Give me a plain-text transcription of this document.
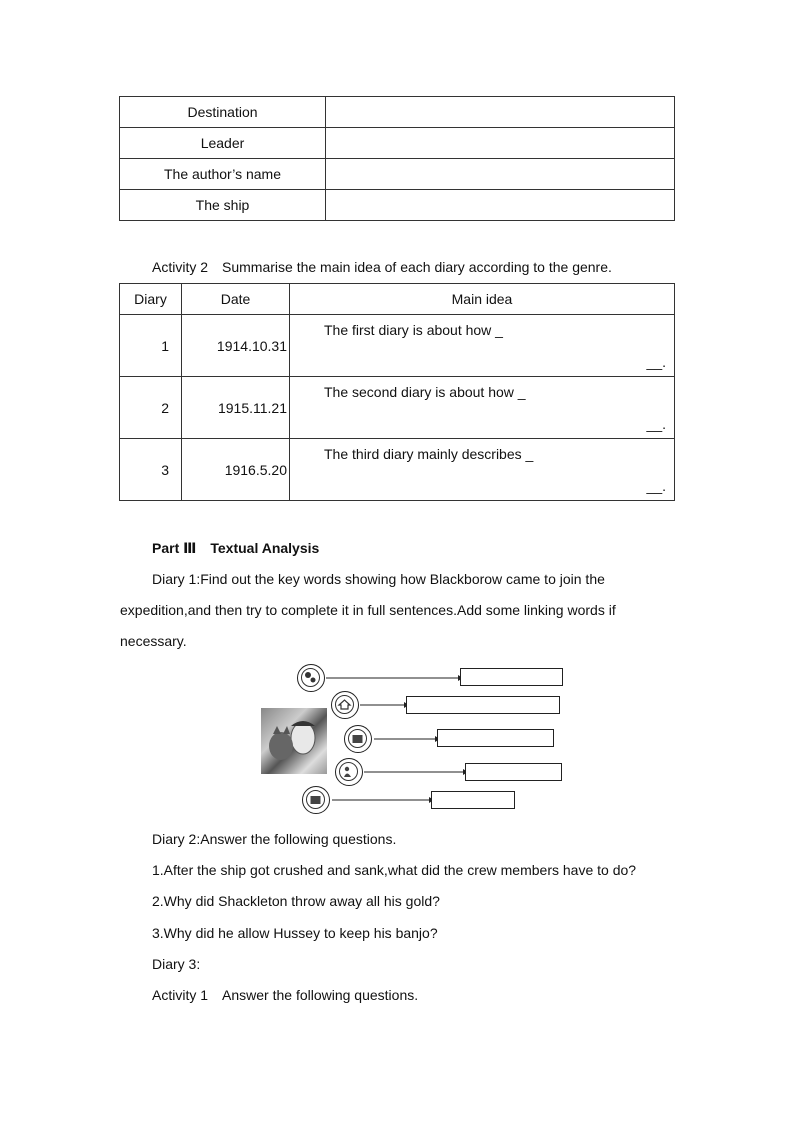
Destination	
Leader	
The author’s name	
The ship	
Activity 2 Summarise the main idea of each diary according to the genre.
Diary	Date	Main idea
1	1914.10.31	The first diary is about how _
__.

2	1915.11.21	The second diary is about how _
__.

3	1916.5.20	The third diary mainly describes _
__.
Part Ⅲ Textual Analysis
Diary 1:Find out the key words showing how Blackborow came to join the
expedition,and then try to complete it in full sentences.Add some linking words if
necessary.
Diary 2:Answer the following questions.
1.After the ship got crushed and sank,what did the crew members have to do?
2.Why did Shackleton throw away all his gold?
3.Why did he allow Hussey to keep his banjo?
Diary 3:
Activity 1 Answer the following questions.
